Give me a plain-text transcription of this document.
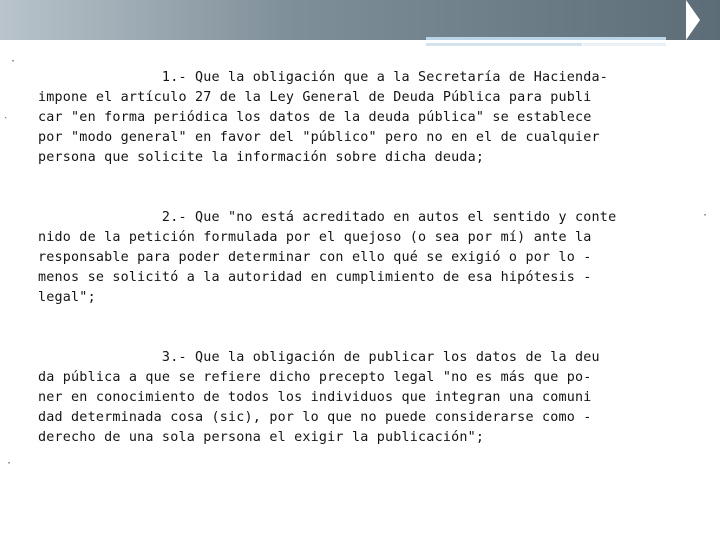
·
˴
·
·
1.- Que la obligación que a la Secretaría de Hacienda-
impone el artículo 27 de la Ley General de Deuda Pública para publi
car "en forma periódica los datos de la deuda pública" se establece
por "modo general" en favor del "público" pero no en el de cualquier
persona que solicite la información sobre dicha deuda;
2.- Que "no está acreditado en autos el sentido y conte
nido de la petición formulada por el quejoso (o sea por mí) ante la
responsable para poder determinar con ello qué se exigió o por lo -
menos se solicitó a la autoridad en cumplimiento de esa hipótesis -
legal";
3.- Que la obligación de publicar los datos de la deu
da pública a que se refiere dicho precepto legal "no es más que po-
ner en conocimiento de todos los individuos que integran una comuni
dad determinada cosa (sic), por lo que no puede considerarse como -
derecho de una sola persona el exigir la publicación";
